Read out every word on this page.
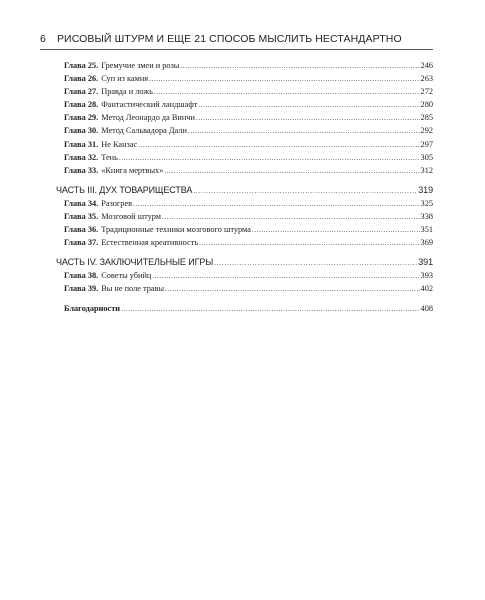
6 РИСОВЫЙ ШТУРМ И ЕЩЕ 21 СПОСОБ МЫСЛИТЬ НЕСТАНДАРТНО
Глава 25. Гремучие змеи и розы .....	246
Глава 26. Суп из камня .....	263
Глава 27. Правда и ложь .....	272
Глава 28. Фантастический ландшафт .....	280
Глава 29. Метод Леонардо да Винчи .....	285
Глава 30. Метод Сальвадора Дали .....	292
Глава 31. Не Канзас .....	297
Глава 32. Тень .....	305
Глава 33. «Книга мертвых» .....	312
ЧАСТЬ III. ДУХ ТОВАРИЩЕСТВА .....	319
Глава 34. Разогрев .....	325
Глава 35. Мозговой штурм .....	338
Глава 36. Традиционные техники мозгового штурма .....	351
Глава 37. Естественная креативность .....	369
ЧАСТЬ IV. ЗАКЛЮЧИТЕЛЬНЫЕ ИГРЫ .....	391
Глава 38. Советы убийц .....	393
Глава 39. Вы не поле травы .....	402
Благодарности .....	408
